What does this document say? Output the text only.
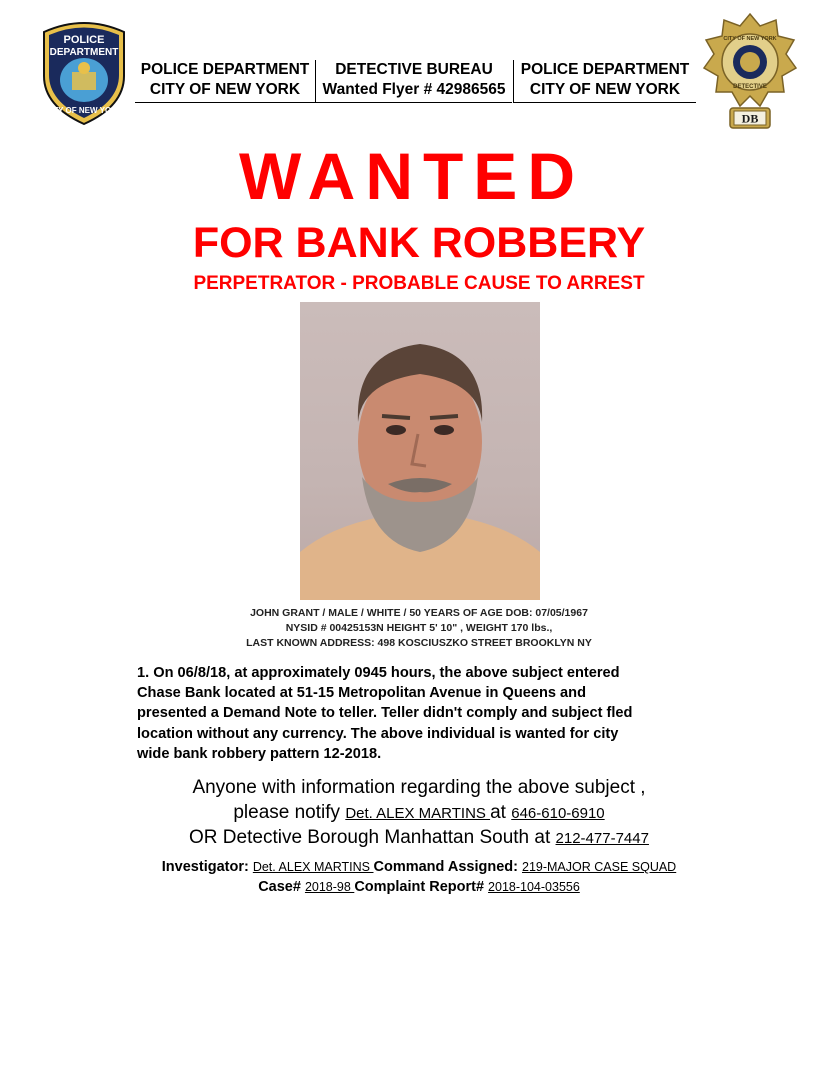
POLICE
DEPARTMENT
CITY OF NEW YORK
POLICE DEPARTMENT
CITY OF NEW YORK
DETECTIVE BUREAU
Wanted Flyer # 42986565
POLICE DEPARTMENT
CITY OF NEW YORK
CITY OF NEW YORK
DETECTIVE
DB
WANTED
FOR BANK ROBBERY
PERPETRATOR - PROBABLE CAUSE TO ARREST
JOHN GRANT / MALE / WHITE / 50 YEARS OF AGE DOB: 07/05/1967
NYSID # 00425153N HEIGHT 5' 10" , WEIGHT 170 lbs.,
LAST KNOWN ADDRESS: 498 KOSCIUSZKO STREET BROOKLYN NY
1. On 06/8/18, at approximately 0945 hours, the above subject entered
Chase Bank located at 51-15 Metropolitan Avenue in Queens and
presented a Demand Note to teller. Teller didn't comply and subject fled
location without any currency. The above individual is wanted for city
wide bank robbery pattern 12-2018.
Anyone with information regarding the above subject ,
please notify Det. ALEX MARTINS at 646-610-6910
OR Detective Borough Manhattan South at 212-477-7447
Investigator: Det. ALEX MARTINS Command Assigned: 219-MAJOR CASE SQUAD
Case# 2018-98 Complaint Report# 2018-104-03556
